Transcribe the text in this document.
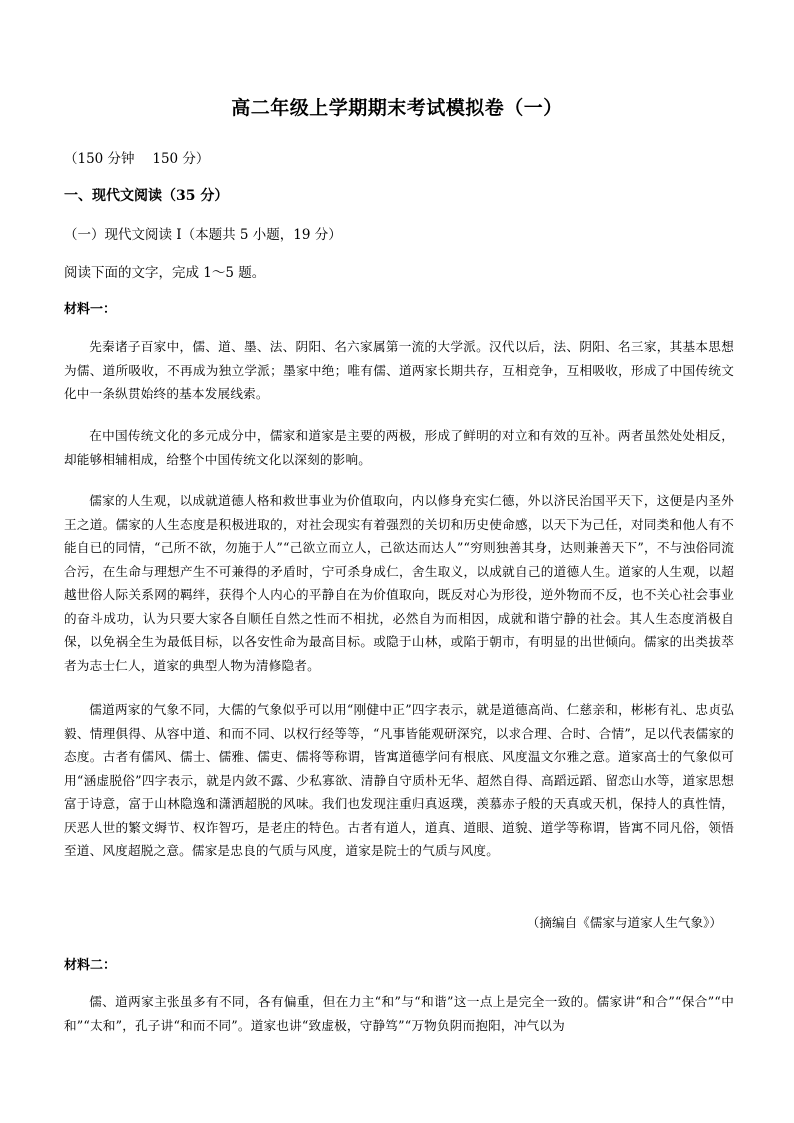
高二年级上学期期末考试模拟卷（一）
（150 分钟　 150 分）
一、现代文阅读（35 分）
（一）现代文阅读 I（本题共 5 小题，19 分）
阅读下面的文字，完成 1～5 题。
材料一：
先秦诸子百家中，儒、道、墨、法、阴阳、名六家属第一流的大学派。汉代以后，法、阴阳、名三家，其基本思想为儒、道所吸收，不再成为独立学派；墨家中绝；唯有儒、道两家长期共存，互相竞争，互相吸收，形成了中国传统文化中一条纵贯始终的基本发展线索。
在中国传统文化的多元成分中，儒家和道家是主要的两极，形成了鲜明的对立和有效的互补。两者虽然处处相反，却能够相辅相成，给整个中国传统文化以深刻的影响。
儒家的人生观，以成就道德人格和救世事业为价值取向，内以修身充实仁德，外以济民治国平天下，这便是内圣外王之道。儒家的人生态度是积极进取的，对社会现实有着强烈的关切和历史使命感，以天下为己任，对同类和他人有不能自已的同情，“己所不欲，勿施于人”“己欲立而立人，己欲达而达人”“穷则独善其身，达则兼善天下”，不与浊俗同流合污，在生命与理想产生不可兼得的矛盾时，宁可杀身成仁，舍生取义，以成就自己的道德人生。道家的人生观，以超越世俗人际关系网的羁绊，获得个人内心的平静自在为价值取向，既反对心为形役，逆外物而不反，也不关心社会事业的奋斗成功，认为只要大家各自顺任自然之性而不相扰，必然自为而相因，成就和谐宁静的社会。其人生态度消极自保，以免祸全生为最低目标，以各安性命为最高目标。或隐于山林，或陷于朝市，有明显的出世倾向。儒家的出类拔萃者为志士仁人，道家的典型人物为清修隐者。
儒道两家的气象不同，大儒的气象似乎可以用“刚健中正”四字表示，就是道德高尚、仁慈亲和，彬彬有礼、忠贞弘毅、情理俱得、从容中道、和而不同、以权行经等等，“凡事皆能观研深究，以求合理、合时、合情”，足以代表儒家的态度。古者有儒风、儒士、儒雅、儒吏、儒将等称谓，皆寓道德学问有根底、风度温文尔雅之意。道家高士的气象似可用“涵虚脱俗”四字表示，就是内敛不露、少私寡欲、清静自守质朴无华、超然自得、高蹈远蹈、留恋山水等，道家思想富于诗意，富于山林隐逸和潇洒超脱的风味。我们也发现注重归真返璞，羡慕赤子般的天真或天机，保持人的真性情，厌恶人世的繁文缛节、权诈智巧，是老庄的特色。古者有道人，道真、道眼、道貌、道学等称谓，皆寓不同凡俗，领悟至道、风度超脱之意。儒家是忠良的气质与风度，道家是院士的气质与风度。
（摘编自《儒家与道家人生气象》）
材料二：
儒、道两家主张虽多有不同，各有偏重，但在力主“和”与“和谐”这一点上是完全一致的。儒家讲“和合”“保合”“中和”“太和”，孔子讲“和而不同”。道家也讲“致虚极，守静笃”“万物负阴而抱阳，冲气以为
